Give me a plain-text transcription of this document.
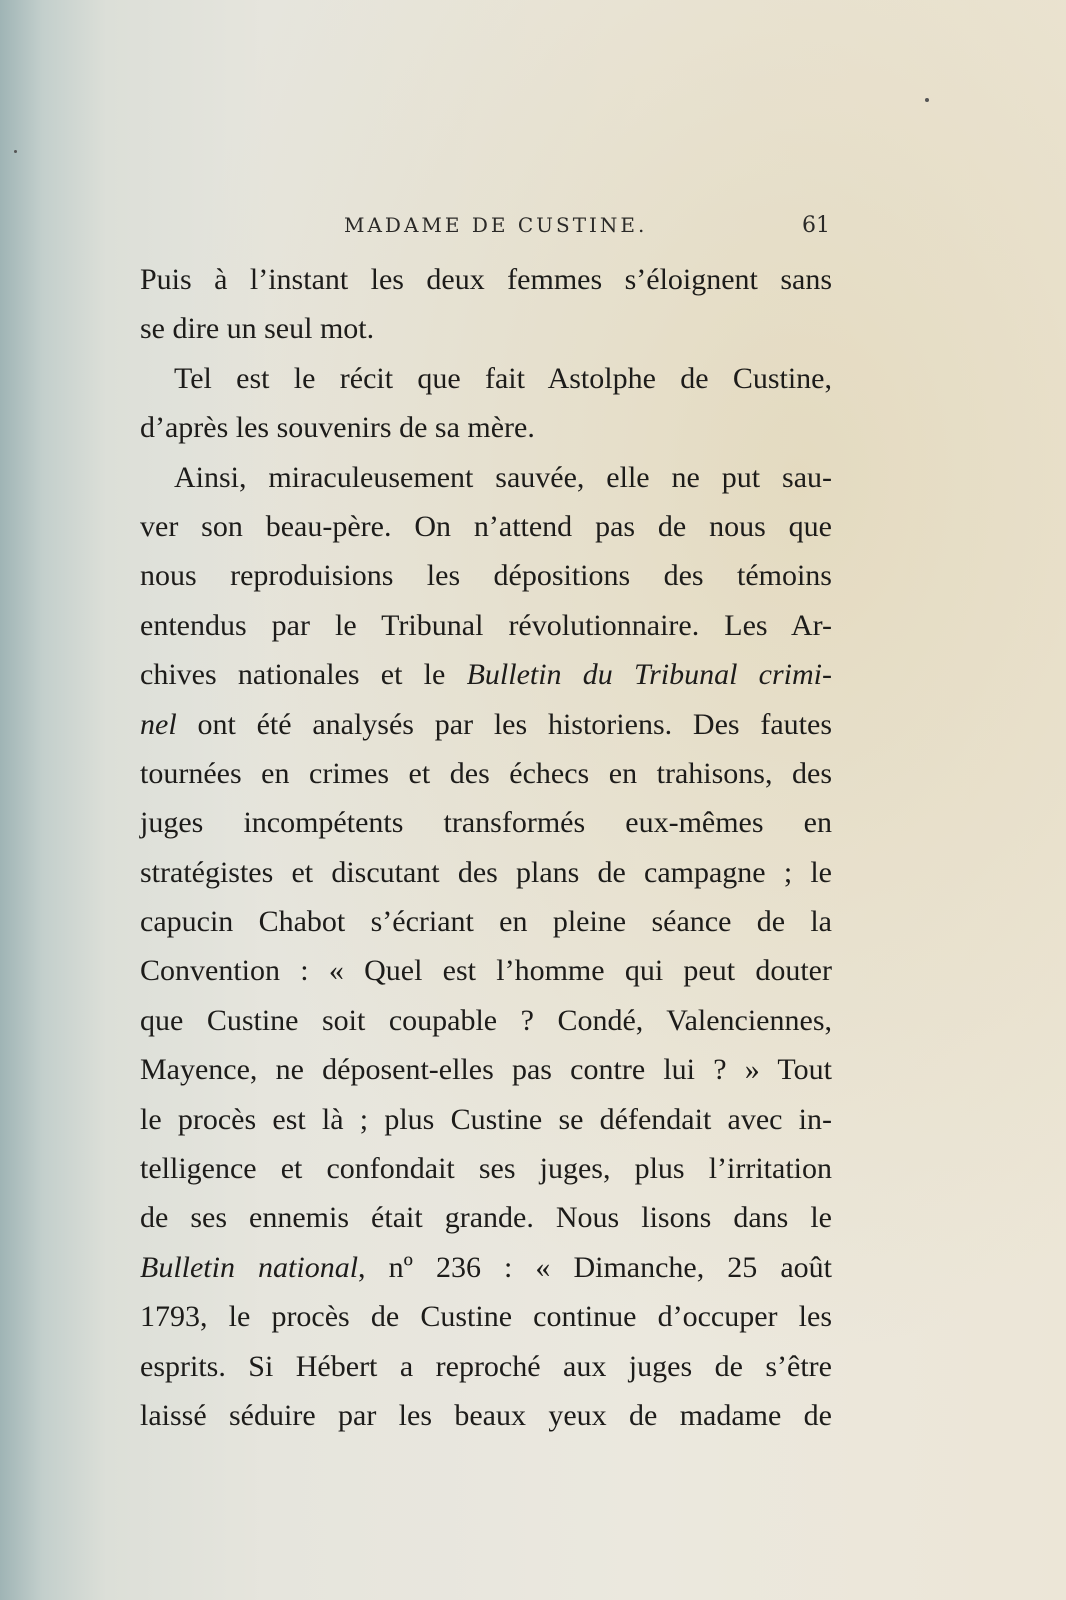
MADAME DE CUSTINE.	61
Puis à l’instant les deux femmes s’éloignent sans
se dire un seul mot.
Tel est le récit que fait Astolphe de Custine,
d’après les souvenirs de sa mère.
Ainsi, miraculeusement sauvée, elle ne put sau-
ver son beau-père. On n’attend pas de nous que
nous reproduisions les dépositions des témoins
entendus par le Tribunal révolutionnaire. Les Ar-
chives nationales et le Bulletin du Tribunal crimi-
nel ont été analysés par les historiens. Des fautes
tournées en crimes et des échecs en trahisons, des
juges incompétents transformés eux-mêmes en
stratégistes et discutant des plans de campagne ; le
capucin Chabot s’écriant en pleine séance de la
Convention : « Quel est l’homme qui peut douter
que Custine soit coupable ? Condé, Valenciennes,
Mayence, ne déposent-elles pas contre lui ? » Tout
le procès est là ; plus Custine se défendait avec in-
telligence et confondait ses juges, plus l’irritation
de ses ennemis était grande. Nous lisons dans le
Bulletin national, nº 236 : « Dimanche, 25 août
1793, le procès de Custine continue d’occuper les
esprits. Si Hébert a reproché aux juges de s’être
laissé séduire par les beaux yeux de madame de
